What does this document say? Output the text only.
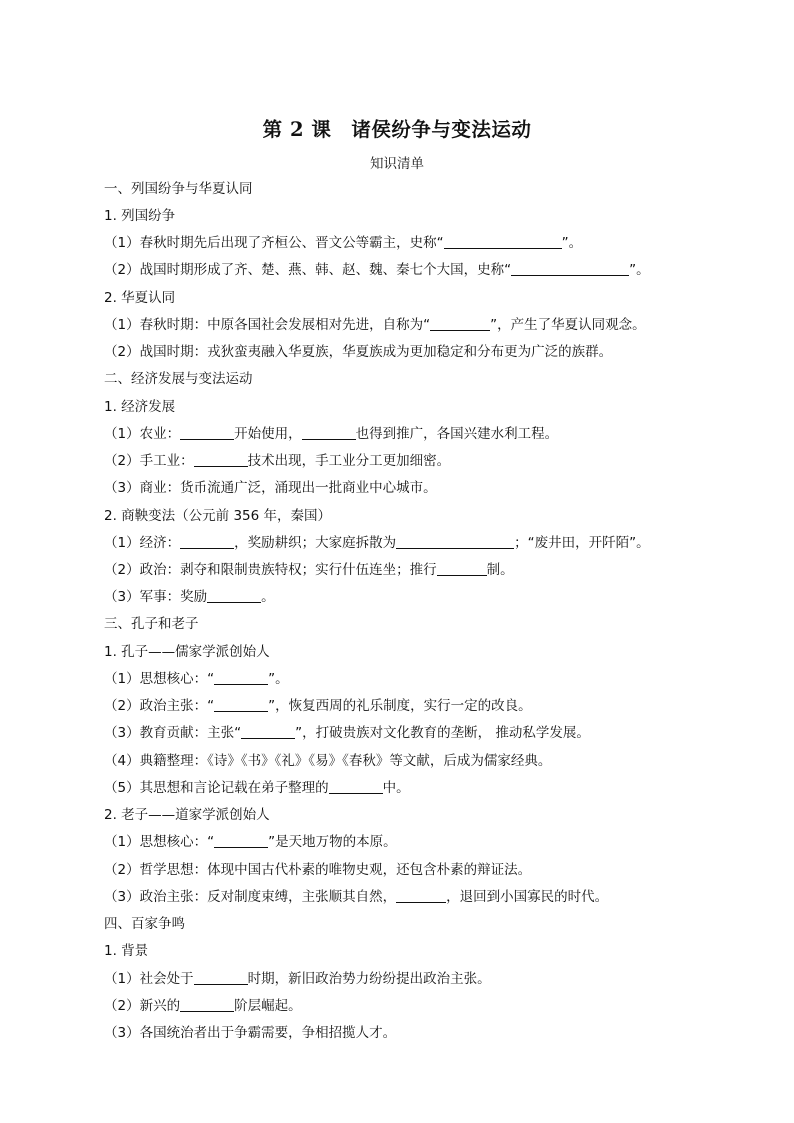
第 2 课　诸侯纷争与变法运动
知识清单
一、列国纷争与华夏认同
1. 列国纷争
（1）春秋时期先后出现了齐桓公、晋文公等霸主，史称“	”。
（2）战国时期形成了齐、楚、燕、韩、赵、魏、秦七个大国，史称“	”。
2. 华夏认同
（1）春秋时期：中原各国社会发展相对先进，自称为“	”，产生了华夏认同观念。
（2）战国时期：戎狄蛮夷融入华夏族，华夏族成为更加稳定和分布更为广泛的族群。
二、经济发展与变法运动
1. 经济发展
（1）农业：	开始使用，	也得到推广，各国兴建水利工程。
（2）手工业：	技术出现，手工业分工更加细密。
（3）商业：货币流通广泛，涌现出一批商业中心城市。
2. 商鞅变法（公元前 356 年，秦国）
（1）经济：	，奖励耕织；大家庭拆散为	；“废井田，开阡陌”。
（2）政治：剥夺和限制贵族特权；实行什伍连坐；推行	制。
（3）军事：奖励	。
三、孔子和老子
1. 孔子——儒家学派创始人
（1）思想核心：“	”。
（2）政治主张：“	”，恢复西周的礼乐制度，实行一定的改良。
（3）教育贡献：主张“	”，打破贵族对文化教育的垄断， 推动私学发展。
（4）典籍整理：《诗》《书》《礼》《易》《春秋》等文献，后成为儒家经典。
（5）其思想和言论记载在弟子整理的	中。
2. 老子——道家学派创始人
（1）思想核心：“	”是天地万物的本原。
（2）哲学思想：体现中国古代朴素的唯物史观，还包含朴素的辩证法。
（3）政治主张：反对制度束缚，主张顺其自然，	，退回到小国寡民的时代。
四、百家争鸣
1. 背景
（1）社会处于	时期，新旧政治势力纷纷提出政治主张。
（2）新兴的	阶层崛起。
（3）各国统治者出于争霸需要，争相招揽人才。
